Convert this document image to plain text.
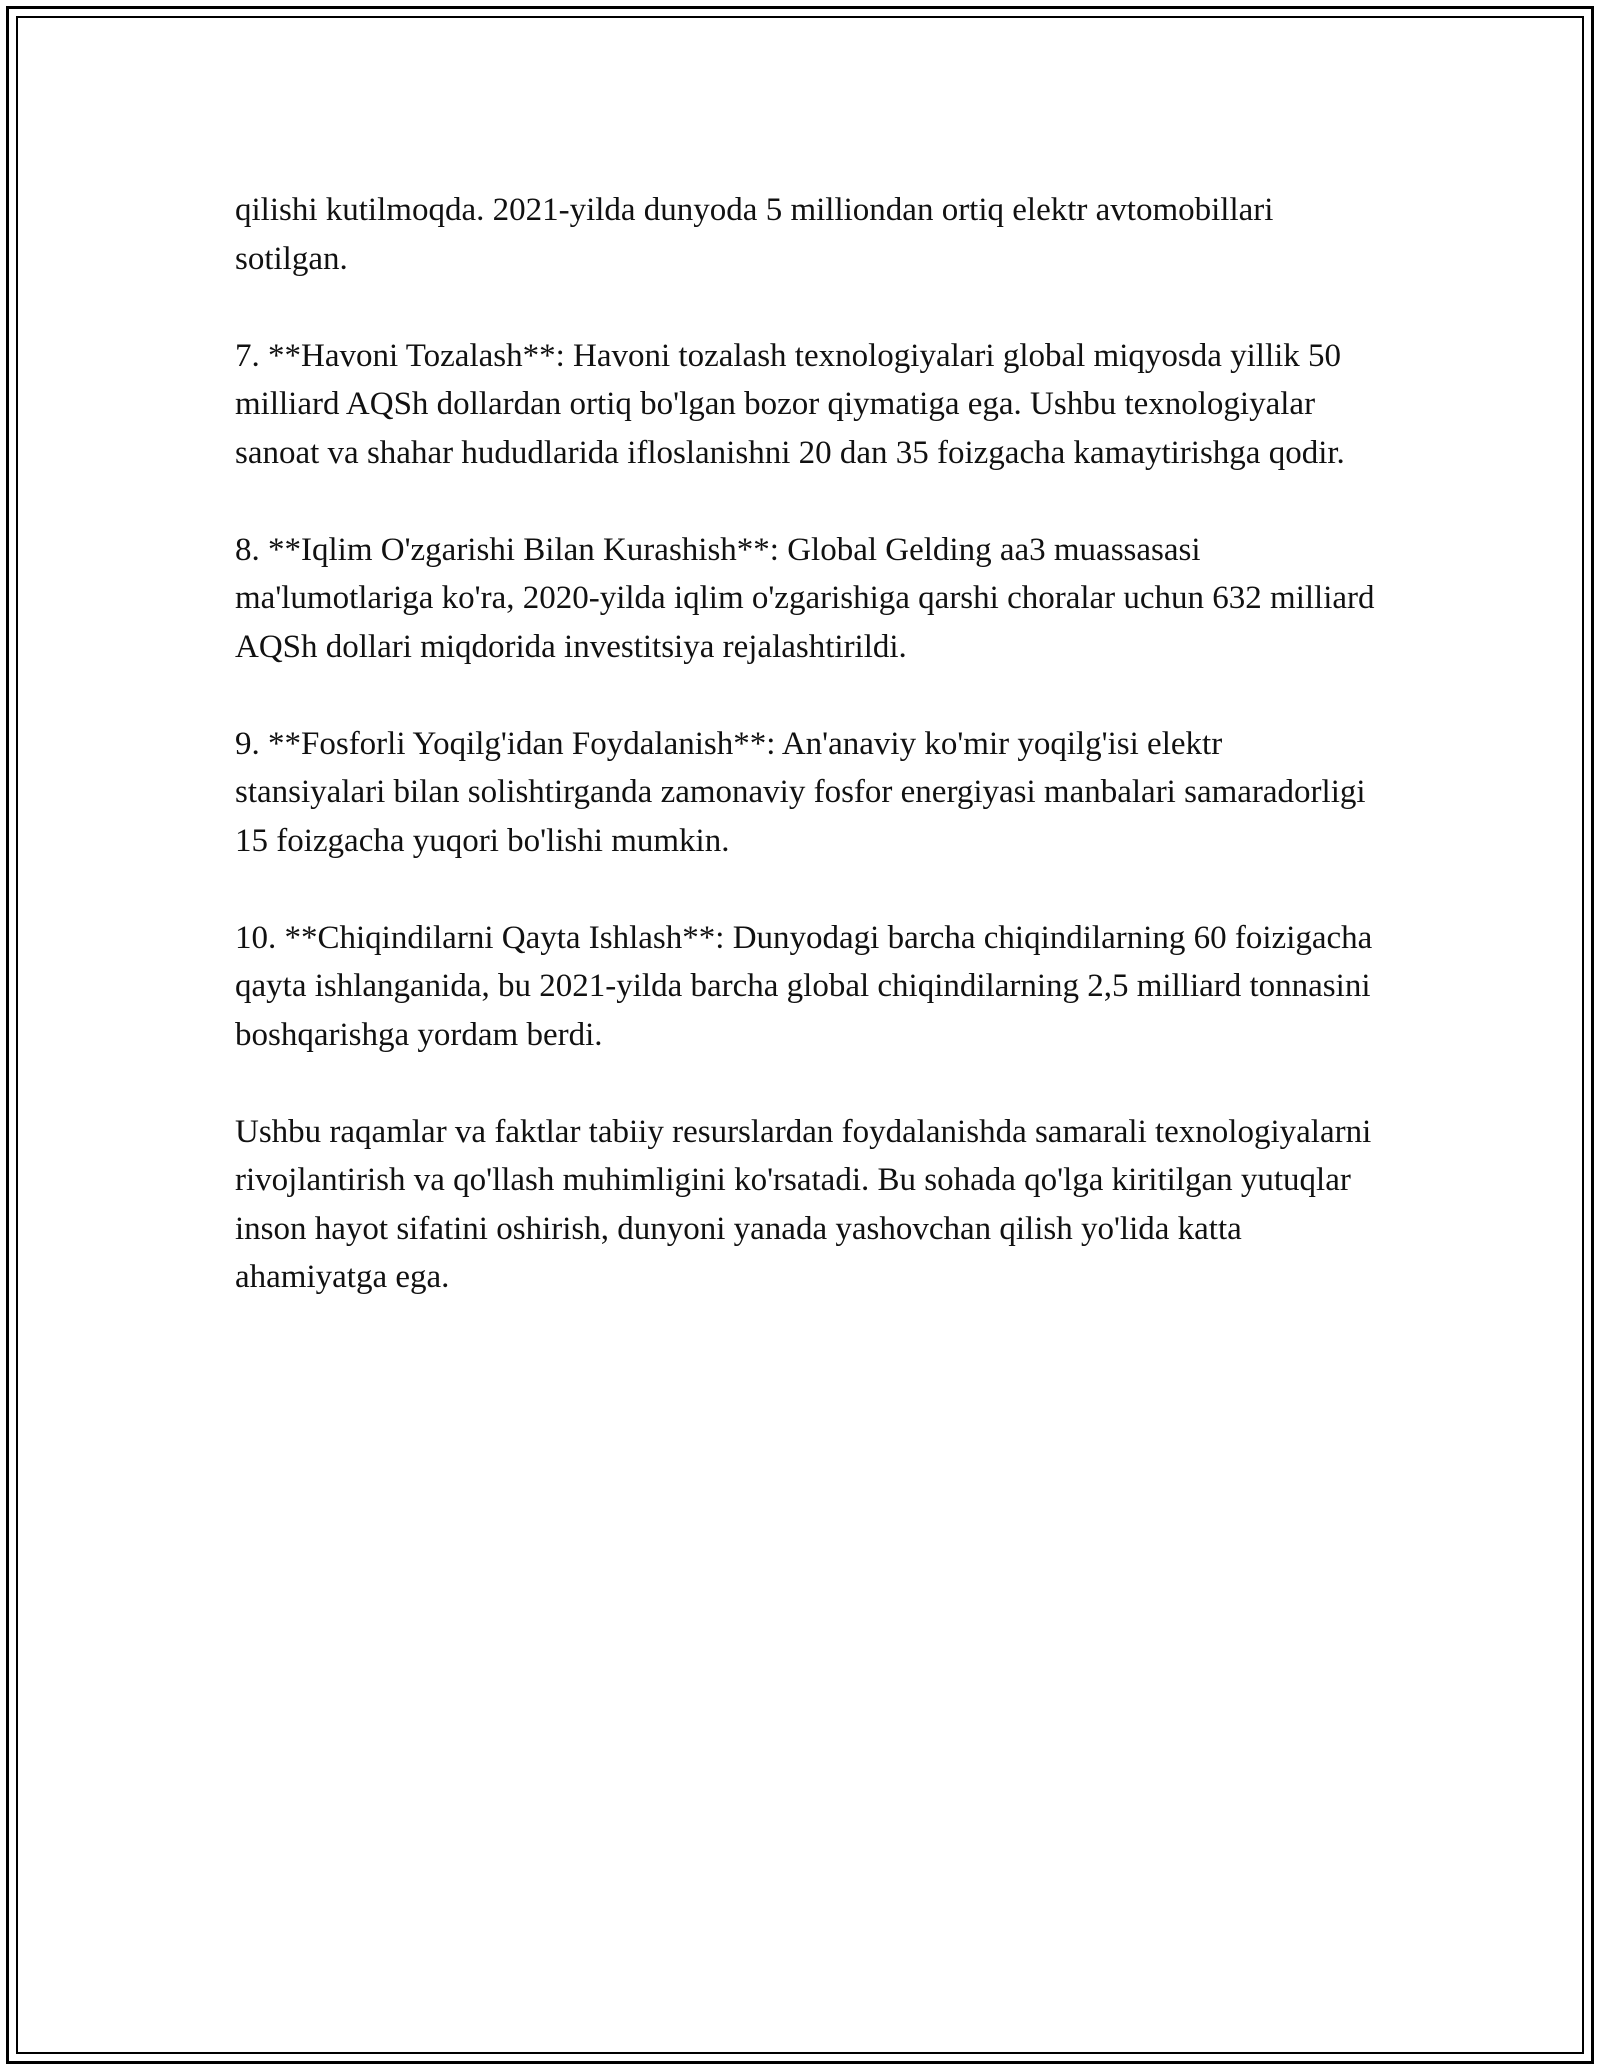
qilishi kutilmoqda. 2021-yilda dunyoda 5 milliondan ortiq elektr avtomobillari sotilgan.

7. **Havoni Tozalash**: Havoni tozalash texnologiyalari global miqyosda yillik 50 milliard AQSh dollardan ortiq bo'lgan bozor qiymatiga ega. Ushbu texnologiyalar sanoat va shahar hududlarida ifloslanishni 20 dan 35 foizgacha kamaytirishga qodir.

8. **Iqlim O'zgarishi Bilan Kurashish**: Global Gelding aa3 muassasasi ma'lumotlariga ko'ra, 2020-yilda iqlim o'zgarishiga qarshi choralar uchun 632 milliard AQSh dollari miqdorida investitsiya rejalashtirildi.

9. **Fosforli Yoqilg'idan Foydalanish**: An'anaviy ko'mir yoqilg'isi elektr stansiyalari bilan solishtirganda zamonaviy fosfor energiyasi manbalari samaradorligi 15 foizgacha yuqori bo'lishi mumkin.

10. **Chiqindilarni Qayta Ishlash**: Dunyodagi barcha chiqindilarning 60 foizigacha qayta ishlanganida, bu 2021-yilda barcha global chiqindilarning 2,5 milliard tonnasini boshqarishga yordam berdi.

Ushbu raqamlar va faktlar tabiiy resurslardan foydalanishda samarali texnologiyalarni rivojlantirish va qo'llash muhimligini ko'rsatadi. Bu sohada qo'lga kiritilgan yutuqlar inson hayot sifatini oshirish, dunyoni yanada yashovchan qilish yo'lida katta ahamiyatga ega.
